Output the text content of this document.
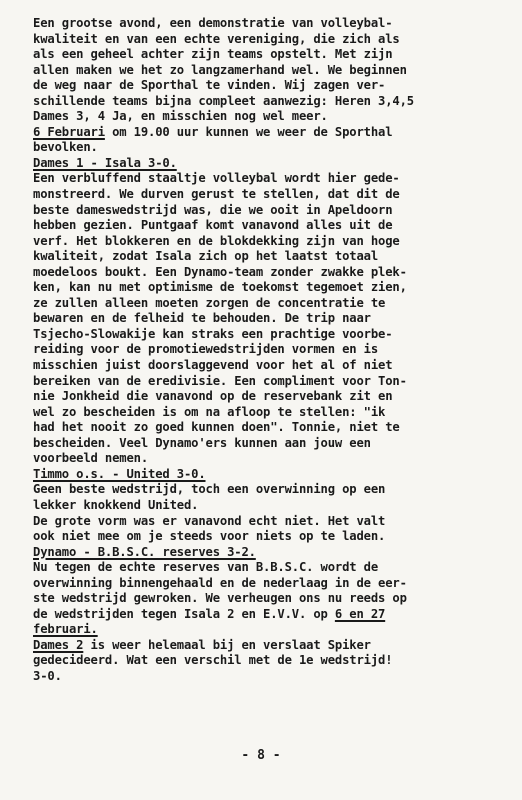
Een grootse avond, een demonstratie van volleybal-
kwaliteit en van een echte vereniging, die zich als
als een geheel achter zijn teams opstelt. Met zijn
allen maken we het zo langzamerhand wel. We beginnen
de weg naar de Sporthal te vinden. Wij zagen ver-
schillende teams bijna compleet aanwezig: Heren 3,4,5
Dames 3, 4 Ja, en misschien nog wel meer.
6 Februari om 19.00 uur kunnen we weer de Sporthal
bevolken.
Dames 1 - Isala 3-0.
Een verbluffend staaltje volleybal wordt hier gede-
monstreerd. We durven gerust te stellen, dat dit de
beste dameswedstrijd was, die we ooit in Apeldoorn
hebben gezien. Puntgaaf komt vanavond alles uit de
verf. Het blokkeren en de blokdekking zijn van hoge
kwaliteit, zodat Isala zich op het laatst totaal
moedeloos boukt. Een Dynamo-team zonder zwakke plek-
ken, kan nu met optimisme de toekomst tegemoet zien,
ze zullen alleen moeten zorgen de concentratie te
bewaren en de felheid te behouden. De trip naar
Tsjecho-Slowakije kan straks een prachtige voorbe-
reiding voor de promotiewedstrijden vormen en is
misschien juist doorslaggevend voor het al of niet
bereiken van de eredivisie. Een compliment voor Ton-
nie Jonkheid die vanavond op de reservebank zit en
wel zo bescheiden is om na afloop te stellen: "ik
had het nooit zo goed kunnen doen". Tonnie, niet te
bescheiden. Veel Dynamo'ers kunnen aan jouw een
voorbeeld nemen.
Timmo o.s. - United 3-0.
Geen beste wedstrijd, toch een overwinning op een
lekker knokkend United.
De grote vorm was er vanavond echt niet. Het valt
ook niet mee om je steeds voor niets op te laden.
Dynamo - B.B.S.C. reserves 3-2.
Nu tegen de echte reserves van B.B.S.C. wordt de
overwinning binnengehaald en de nederlaag in de eer-
ste wedstrijd gewroken. We verheugen ons nu reeds op
de wedstrijden tegen Isala 2 en E.V.V. op 6 en 27
februari.
Dames 2 is weer helemaal bij en verslaat Spiker
gedecideerd. Wat een verschil met de 1e wedstrijd!
3-0.
- 8 -
